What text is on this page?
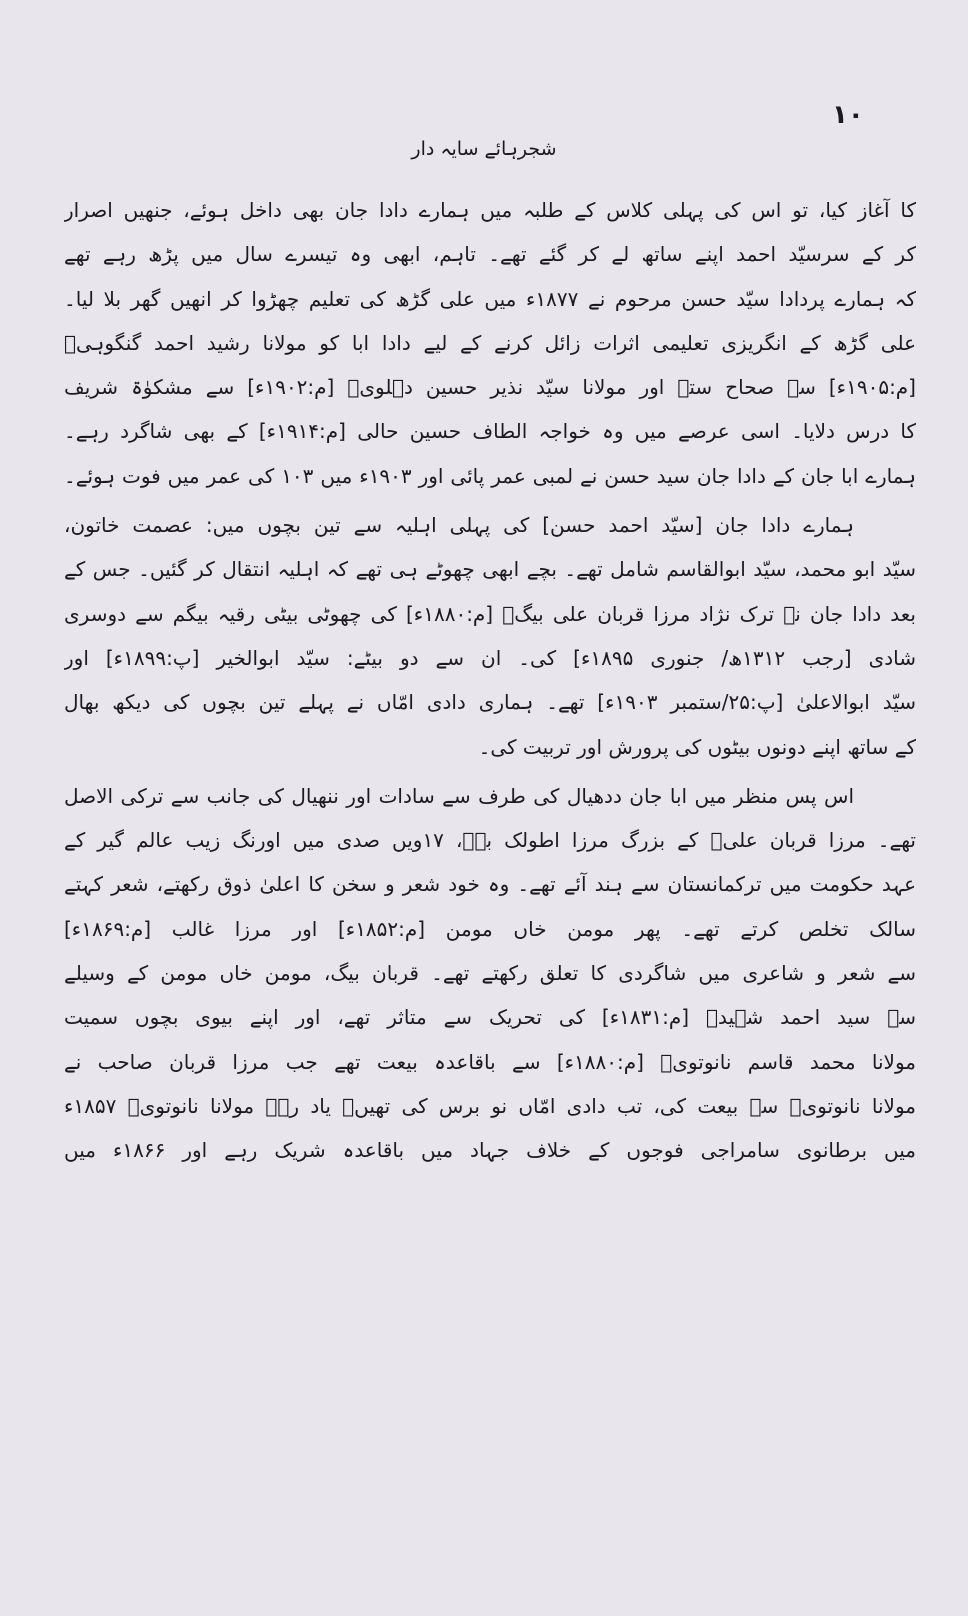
۱۰
شجرہائے سایہ دار
کا آغاز کیا، تو اس کی پہلی کلاس کے طلبہ میں ہمارے دادا جان بھی داخل ہوئے، جنھیں اصرار
کر کے سرسیّد احمد اپنے ساتھ لے کر گئے تھے۔ تاہم، ابھی وہ تیسرے سال میں پڑھ رہے تھے
کہ ہمارے پردادا سیّد حسن مرحوم نے ۱۸۷۷ء میں علی گڑھ کی تعلیم چھڑوا کر انھیں گھر بلا لیا۔
علی گڑھ کے انگریزی تعلیمی اثرات زائل کرنے کے لیے دادا ابا کو مولانا رشید احمد گنگوہیؒ
[م:۱۹۰۵ء] سے صحاح ستہ اور مولانا سیّد نذیر حسین دہلویؒ [م:۱۹۰۲ء] سے مشکوٰۃ شریف
کا درس دلایا۔ اسی عرصے میں وہ خواجہ الطاف حسین حالی [م:۱۹۱۴ء] کے بھی شاگرد رہے۔
ہمارے ابا جان کے دادا جان سید حسن نے لمبی عمر پائی اور ۱۹۰۳ء میں ۱۰۳ کی عمر میں فوت ہوئے۔
ہمارے دادا جان [سیّد احمد حسن] کی پہلی اہلیہ سے تین بچوں میں: عصمت خاتون،
سیّد ابو محمد، سیّد ابوالقاسم شامل تھے۔ بچے ابھی چھوٹے ہی تھے کہ اہلیہ انتقال کر گئیں۔ جس کے
بعد دادا جان نے ترک نژاد مرزا قربان علی بیگؒ [م:۱۸۸۰ء] کی چھوٹی بیٹی رقیہ بیگم سے دوسری
شادی [رجب ۱۳۱۲ھ/ جنوری ۱۸۹۵ء] کی۔ ان سے دو بیٹے: سیّد ابوالخیر [پ:۱۸۹۹ء] اور
سیّد ابوالاعلیٰ [پ:۲۵/ستمبر ۱۹۰۳ء] تھے۔ ہماری دادی امّاں نے پہلے تین بچوں کی دیکھ بھال
کے ساتھ اپنے دونوں بیٹوں کی پرورش اور تربیت کی۔
اس پس منظر میں ابا جان ددھیال کی طرف سے سادات اور ننھیال کی جانب سے ترکی الاصل
تھے۔ مرزا قربان علیؒ کے بزرگ مرزا اطولک بےؒ، ۱۷ویں صدی میں اورنگ زیب عالم گیر کے
عہد حکومت میں ترکمانستان سے ہند آئے تھے۔ وہ خود شعر و سخن کا اعلیٰ ذوق رکھتے، شعر کہتے
سالک تخلص کرتے تھے۔ پھر مومن خاں مومن [م:۱۸۵۲ء] اور مرزا غالب [م:۱۸۶۹ء]
سے شعر و شاعری میں شاگردی کا تعلق رکھتے تھے۔ قربان بیگ، مومن خاں مومن کے وسیلے
سے سید احمد شہیدؒ [م:۱۸۳۱ء] کی تحریک سے متاثر تھے، اور اپنے بیوی بچوں سمیت
مولانا محمد قاسم نانوتویؒ [م:۱۸۸۰ء] سے باقاعدہ بیعت تھے جب مرزا قربان صاحب نے
مولانا نانوتویؒ سے بیعت کی، تب دادی امّاں نو برس کی تھیں۔ یاد رہے مولانا نانوتویؒ ۱۸۵۷ء
میں برطانوی سامراجی فوجوں کے خلاف جہاد میں باقاعدہ شریک رہے اور ۱۸۶۶ء میں
